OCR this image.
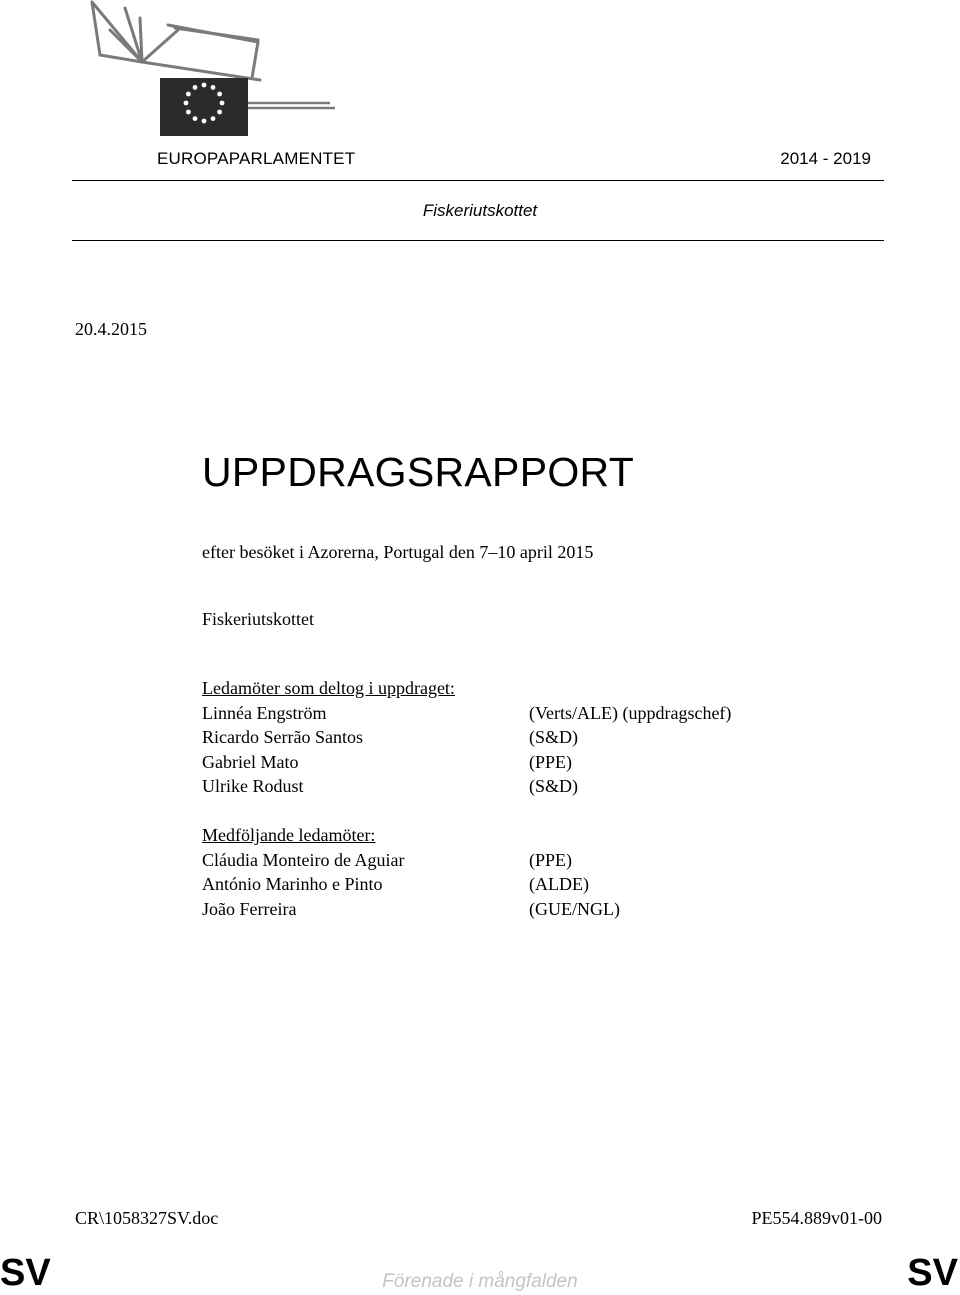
EUROPAPARLAMENTET	2014 - 2019
Fiskeriutskottet
20.4.2015
UPPDRAGSRAPPORT
efter besöket i Azorerna, Portugal den 7–10 april 2015
Fiskeriutskottet
Ledamöter som deltog i uppdraget:
Linnéa Engström	(Verts/ALE) (uppdragschef)
Ricardo Serrão Santos	(S&D)
Gabriel Mato	(PPE)
Ulrike Rodust	(S&D)
Medföljande ledamöter:
Cláudia Monteiro de Aguiar	(PPE)
António Marinho e Pinto	(ALDE)
João Ferreira	(GUE/NGL)
CR\1058327SV.doc	PE554.889v01-00
SV	Förenade i mångfalden	SV
